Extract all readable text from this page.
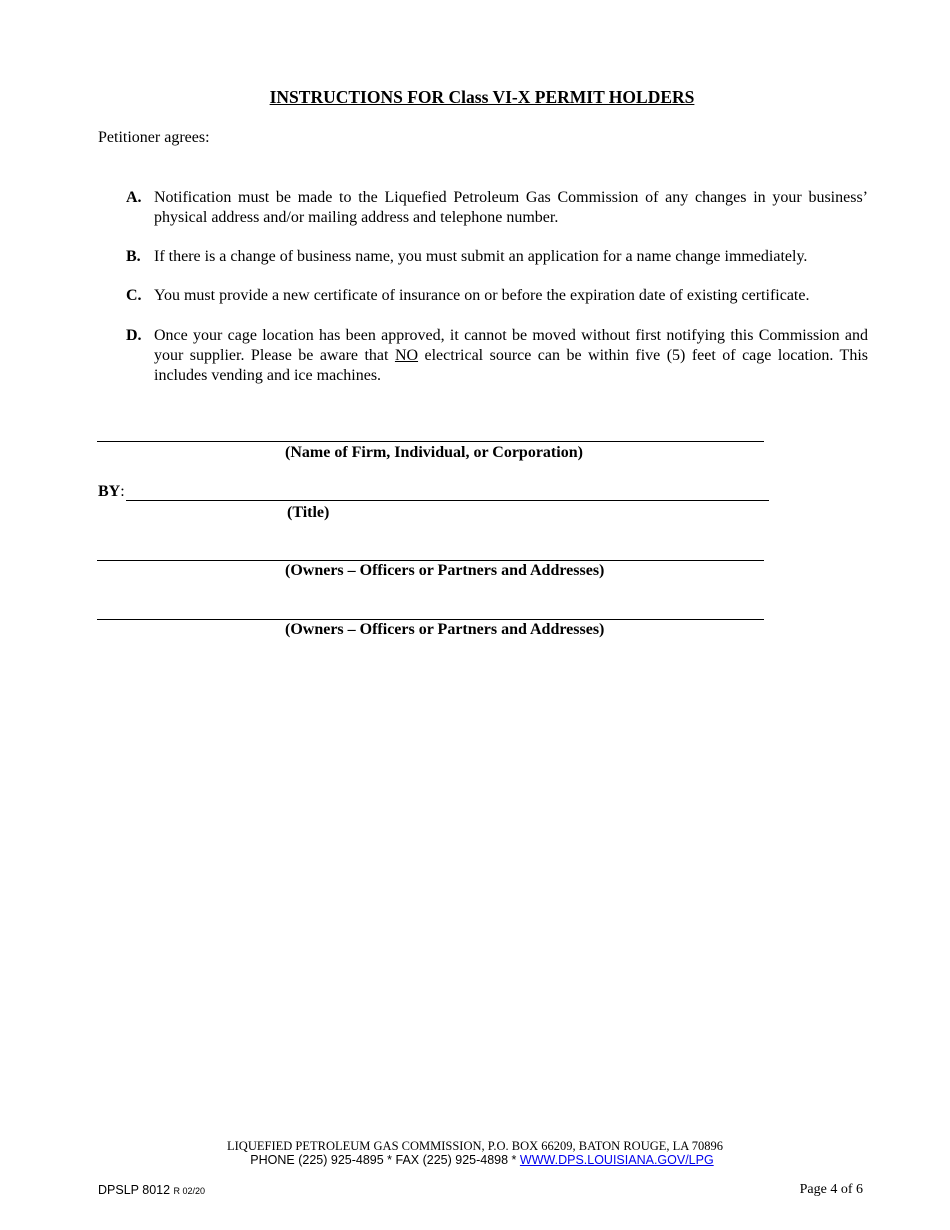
INSTRUCTIONS FOR Class VI-X PERMIT HOLDERS
Petitioner agrees:
A. Notification must be made to the Liquefied Petroleum Gas Commission of any changes in your business’ physical address and/or mailing address and telephone number.
B. If there is a change of business name, you must submit an application for a name change immediately.
C. You must provide a new certificate of insurance on or before the expiration date of existing certificate.
D. Once your cage location has been approved, it cannot be moved without first notifying this Commission and your supplier. Please be aware that NO electrical source can be within five (5) feet of cage location. This includes vending and ice machines.
(Name of Firm, Individual, or Corporation)
BY:
(Title)
(Owners – Officers or Partners and Addresses)
(Owners – Officers or Partners and Addresses)
LIQUEFIED PETROLEUM GAS COMMISSION, P.O. BOX 66209, BATON ROUGE, LA 70896
PHONE (225) 925-4895 * FAX (225) 925-4898 * WWW.DPS.LOUISIANA.GOV/LPG
DPSLP 8012 R 02/20	Page 4 of 6
